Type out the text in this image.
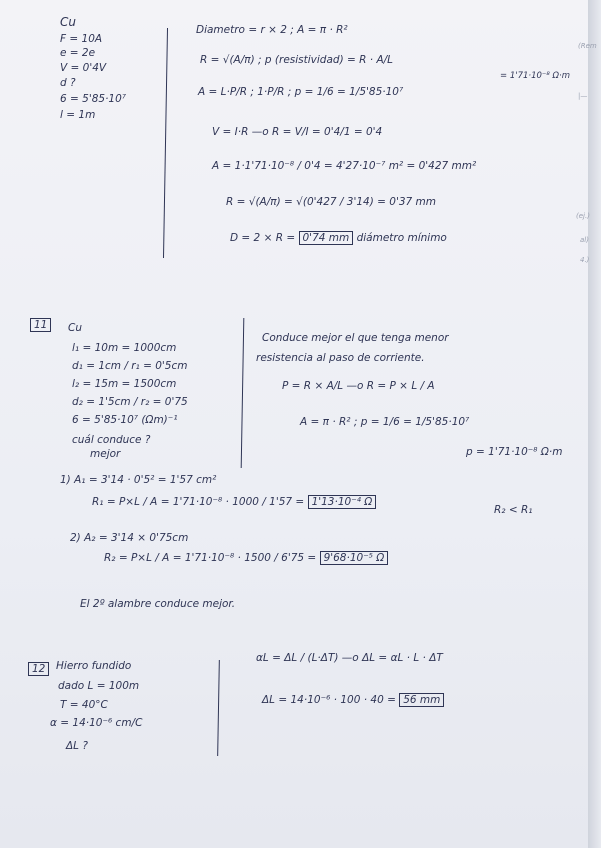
Cu
F = 10A
e = 2e
V = 0'4V
d ?
6 = 5'85·10⁷
l = 1m
Diametro = r × 2 ; A = π · R²
R = √(A/π) ; p (resistividad) = R · A/L
A = L·P/R ; 1·P/R ; p = 1/6 = 1/5'85·10⁷
= 1'71·10⁻⁸ Ω·m
V = I·R —o R = V/I = 0'4/1 = 0'4
A = 1·1'71·10⁻⁸ / 0'4 = 4'27·10⁻⁷ m² = 0'427 mm²
R = √(A/π) = √(0'427 / 3'14) = 0'37 mm
D = 2 × R = 0'74 mm diámetro mínimo
11	Cu
l₁ = 10m = 1000cm
d₁ = 1cm / r₁ = 0'5cm
l₂ = 15m = 1500cm
d₂ = 1'5cm / r₂ = 0'75
6 = 5'85·10⁷ (Ωm)⁻¹
cuál conduce ?
mejor
Conduce mejor el que tenga menor
resistencia al paso de corriente.
P = R × A/L —o R = P × L / A
A = π · R² ; p = 1/6 = 1/5'85·10⁷
p = 1'71·10⁻⁸ Ω·m
1) A₁ = 3'14 · 0'5² = 1'57 cm²
R₁ = P×L / A = 1'71·10⁻⁸ · 1000 / 1'57 = 1'13·10⁻⁴ Ω
R₂ < R₁
2) A₂ = 3'14 × 0'75cm
R₂ = P×L / A = 1'71·10⁻⁸ · 1500 / 6'75 = 9'68·10⁻⁵ Ω
El 2º alambre conduce mejor.
12	Hierro fundido
dado L = 100m
T = 40°C
α = 14·10⁻⁶ cm/C
ΔL ?
αL = ΔL / (L·ΔT) —o ΔL = αL · L · ΔT
ΔL = 14·10⁻⁶ · 100 · 40 = 56 mm
(Rem
|—
(ej.)
al)
4.)
